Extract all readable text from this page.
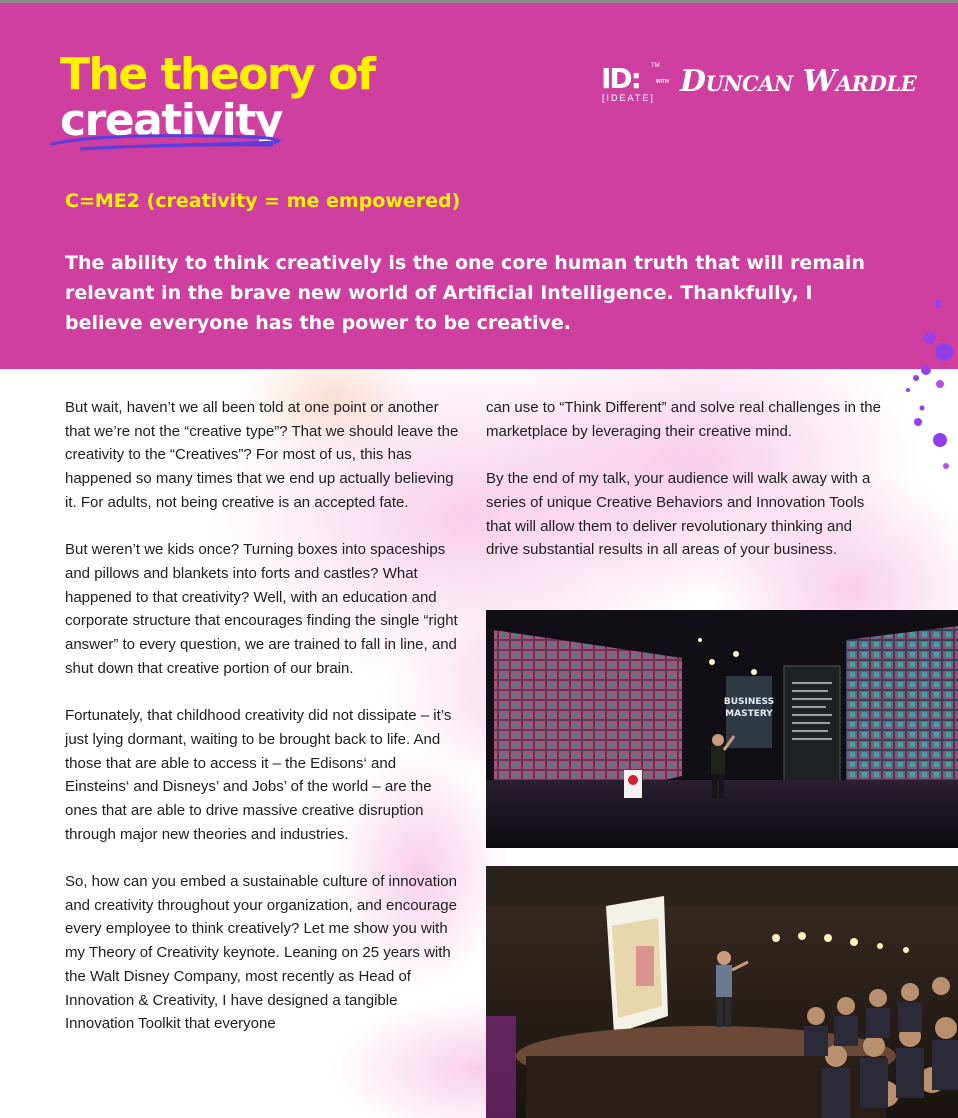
The theory of
creativity
ID: TM
[IDEATE]
WITH Duncan Wardle

C=ME2 (creativity = me empowered)

The ability to think creatively is the one core human truth that will remain relevant in the brave new world of Artificial Intelligence. Thankfully, I believe everyone has the power to be creative.

But wait, haven’t we all been told at one point or another that we’re not the “creative type”? That we should leave the creativity to the “Creatives”? For most of us, this has happened so many times that we end up actually believing it. For adults, not being creative is an accepted fate.

But weren’t we kids once? Turning boxes into spaceships and pillows and blankets into forts and castles? What happened to that creativity? Well, with an education and corporate structure that encourages finding the single “right answer” to every question, we are trained to fall in line, and shut down that creative portion of our brain.

Fortunately, that childhood creativity did not dissipate – it’s just lying dormant, waiting to be brought back to life. And those that are able to access it – the Edisons‘ and Einsteins‘ and Disneys’ and Jobs’ of the world – are the ones that are able to drive massive creative disruption through major new theories and industries.

So, how can you embed a sustainable culture of innovation and creativity throughout your organization, and encourage every employee to think creatively? Let me show you with my Theory of Creativity keynote. Leaning on 25 years with the Walt Disney Company, most recently as Head of Innovation & Creativity, I have designed a tangible Innovation Toolkit that everyone

can use to “Think Different” and solve real challenges in the marketplace by leveraging their creative mind.

By the end of my talk, your audience will walk away with a series of unique Creative Behaviors and Innovation Tools that will allow them to deliver revolutionary thinking and drive substantial results in all areas of your business.

BUSINESS
MASTERY
